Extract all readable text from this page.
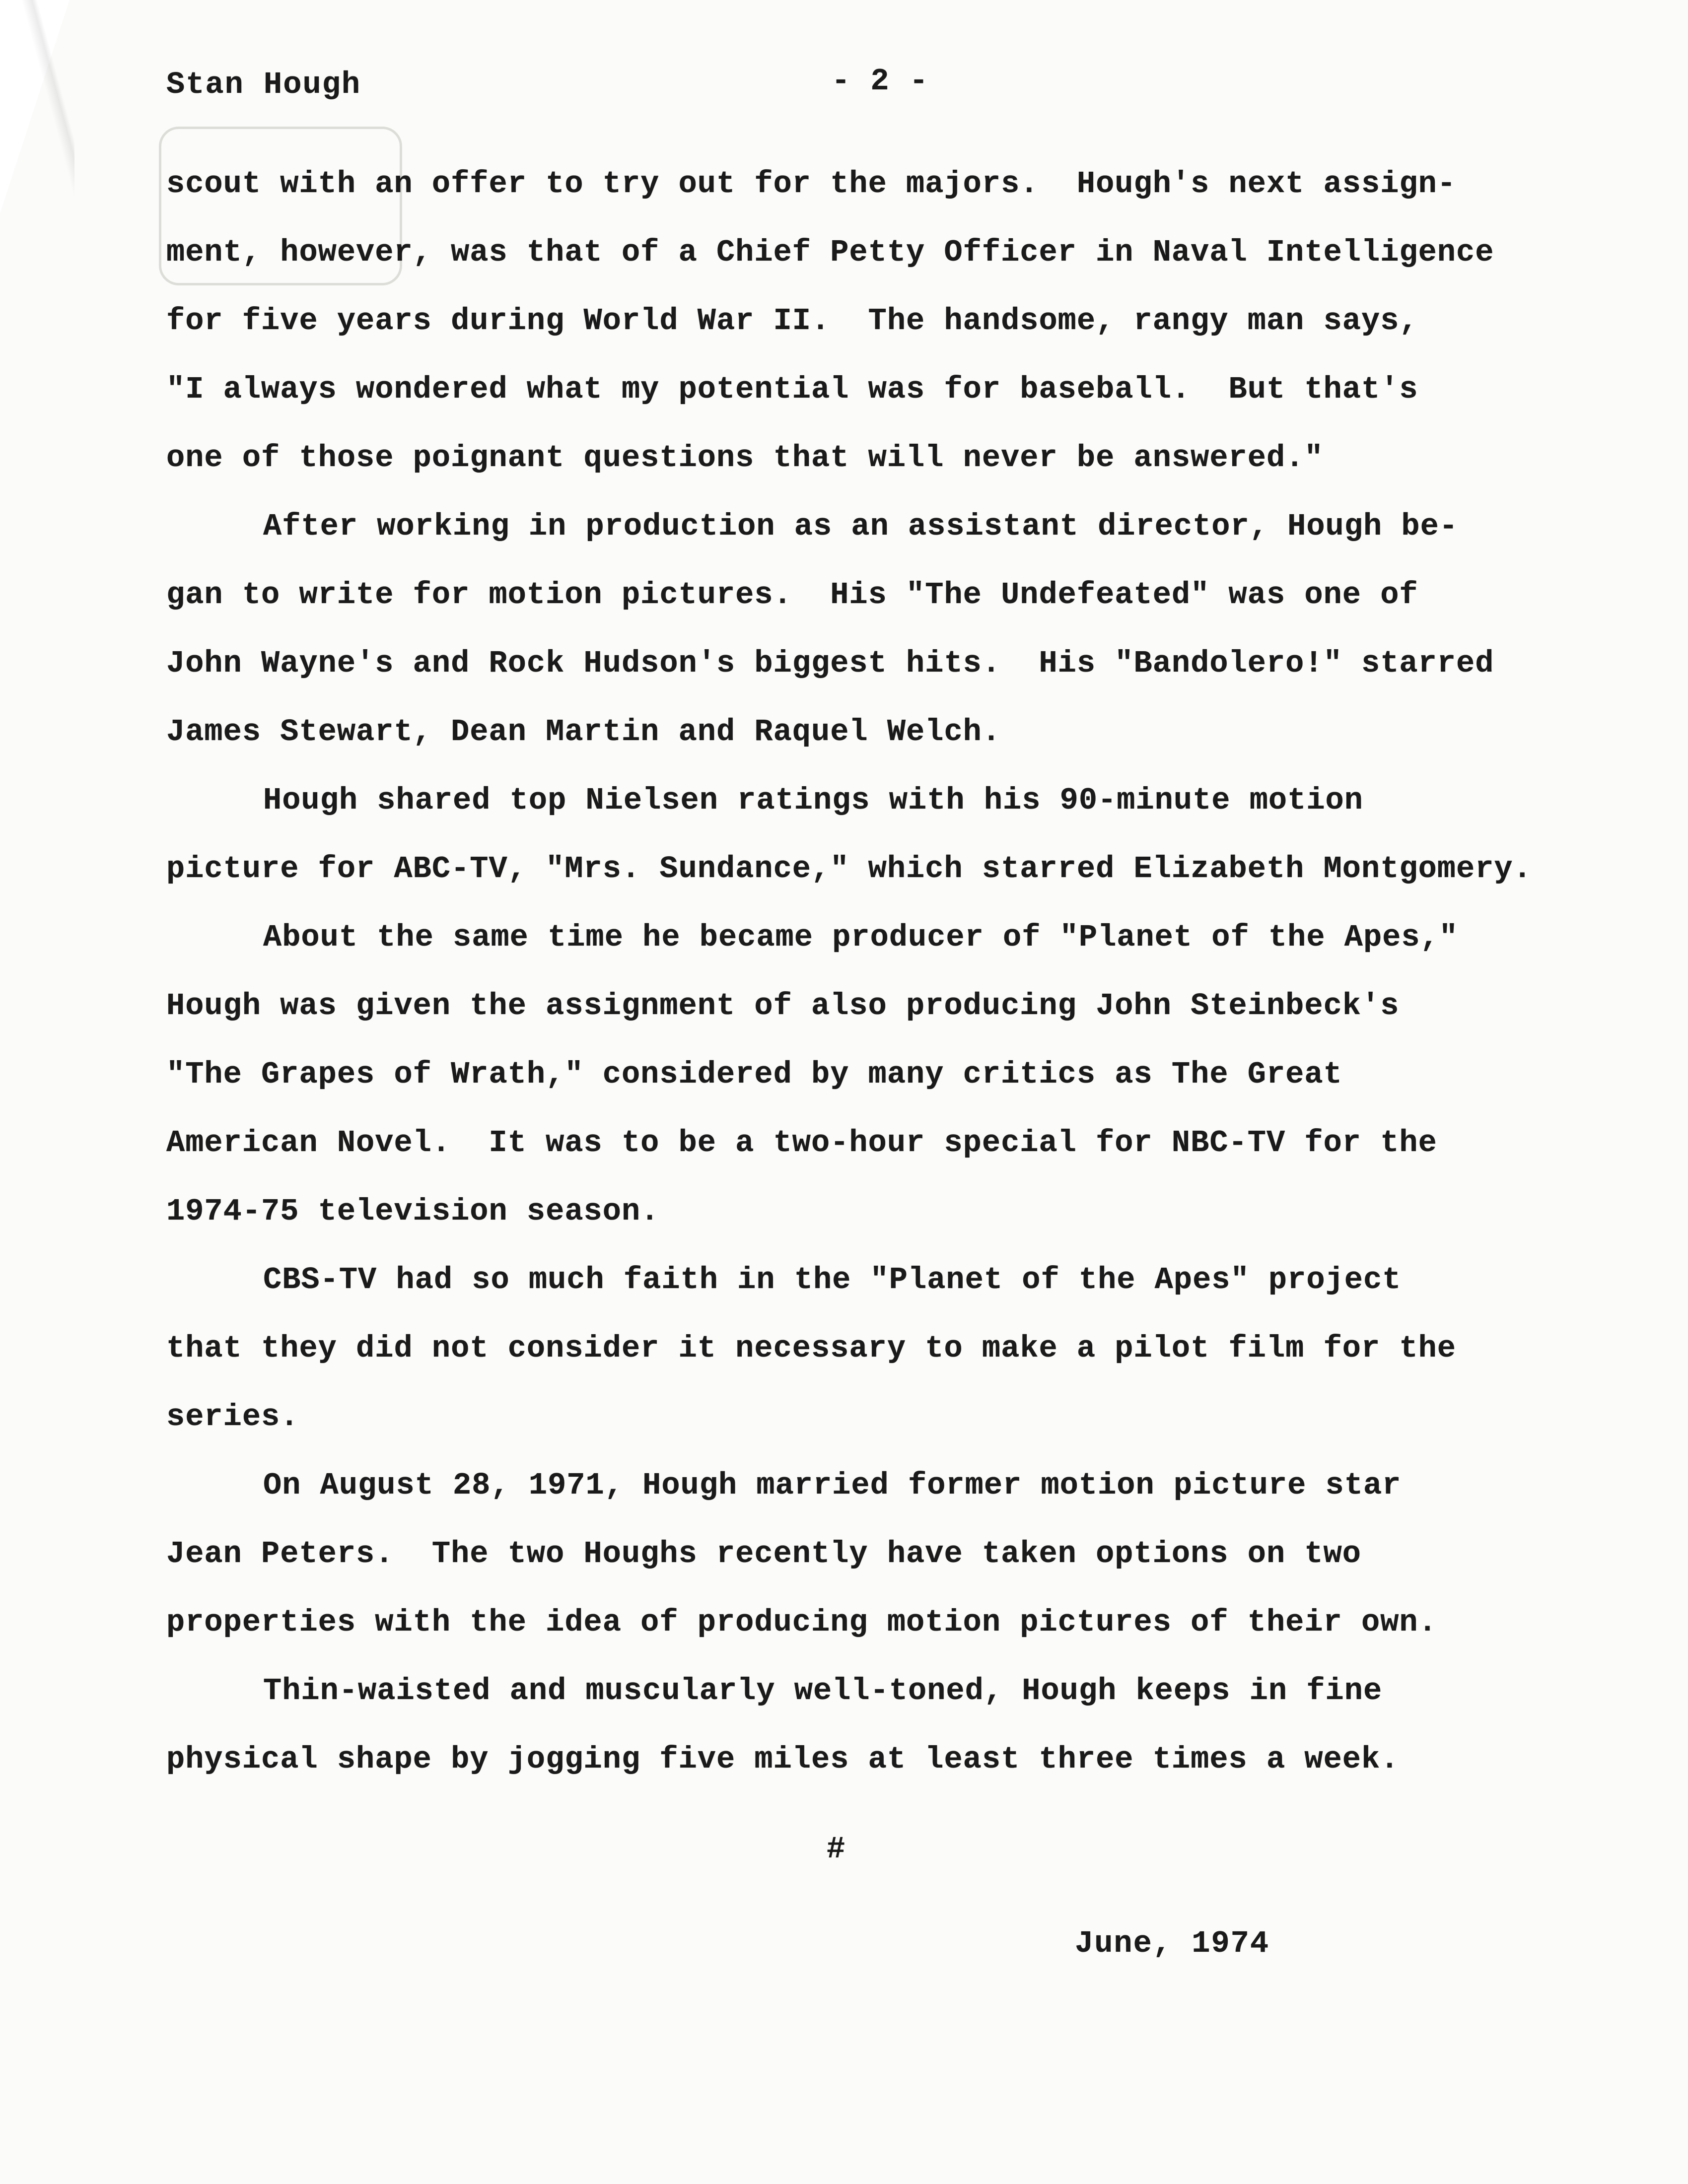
Stan Hough	- 2 -
scout with an offer to try out for the majors.  Hough's next assign-
ment, however, was that of a Chief Petty Officer in Naval Intelligence
for five years during World War II.  The handsome, rangy man says,
"I always wondered what my potential was for baseball.  But that's
one of those poignant questions that will never be answered."
After working in production as an assistant director, Hough be-
gan to write for motion pictures.  His "The Undefeated" was one of
John Wayne's and Rock Hudson's biggest hits.  His "Bandolero!" starred
James Stewart, Dean Martin and Raquel Welch.
Hough shared top Nielsen ratings with his 90-minute motion
picture for ABC-TV, "Mrs. Sundance," which starred Elizabeth Montgomery.
About the same time he became producer of "Planet of the Apes,"
Hough was given the assignment of also producing John Steinbeck's
"The Grapes of Wrath," considered by many critics as The Great
American Novel.  It was to be a two-hour special for NBC-TV for the
1974-75 television season.
CBS-TV had so much faith in the "Planet of the Apes" project
that they did not consider it necessary to make a pilot film for the
series.
On August 28, 1971, Hough married former motion picture star
Jean Peters.  The two Houghs recently have taken options on two
properties with the idea of producing motion pictures of their own.
Thin-waisted and muscularly well-toned, Hough keeps in fine
physical shape by jogging five miles at least three times a week.
#
June, 1974
